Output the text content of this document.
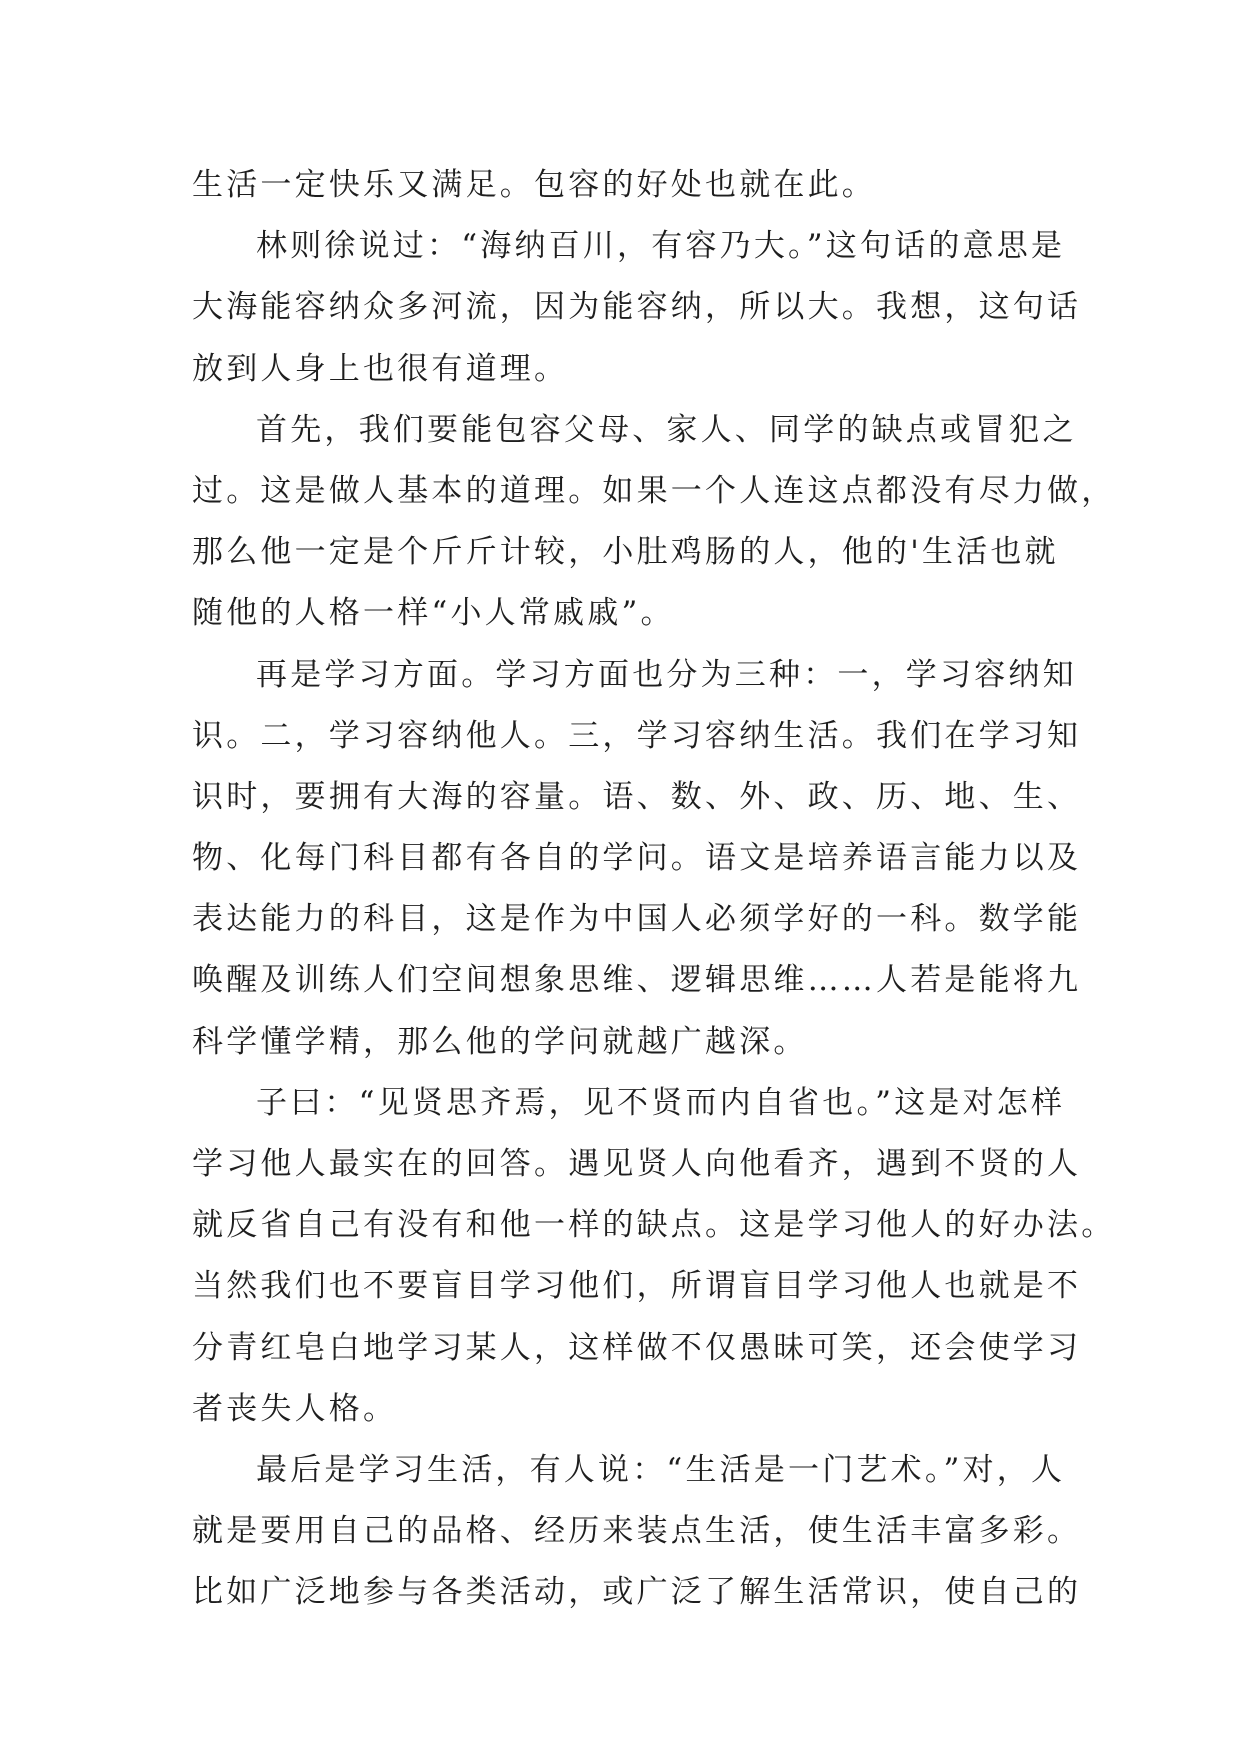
生活一定快乐又满足。包容的好处也就在此。
林则徐说过：“海纳百川，有容乃大。”这句话的意思是
大海能容纳众多河流，因为能容纳，所以大。我想，这句话
放到人身上也很有道理。
首先，我们要能包容父母、家人、同学的缺点或冒犯之
过。这是做人基本的道理。如果一个人连这点都没有尽力做，
那么他一定是个斤斤计较，小肚鸡肠的人，他的'生活也就
随他的人格一样“小人常戚戚”。
再是学习方面。学习方面也分为三种：一，学习容纳知
识。二，学习容纳他人。三，学习容纳生活。我们在学习知
识时，要拥有大海的容量。语、数、外、政、历、地、生、
物、化每门科目都有各自的学问。语文是培养语言能力以及
表达能力的科目，这是作为中国人必须学好的一科。数学能
唤醒及训练人们空间想象思维、逻辑思维……人若是能将九
科学懂学精，那么他的学问就越广越深。
子曰：“见贤思齐焉，见不贤而内自省也。”这是对怎样
学习他人最实在的回答。遇见贤人向他看齐，遇到不贤的人
就反省自己有没有和他一样的缺点。这是学习他人的好办法。
当然我们也不要盲目学习他们，所谓盲目学习他人也就是不
分青红皂白地学习某人，这样做不仅愚昧可笑，还会使学习
者丧失人格。
最后是学习生活，有人说：“生活是一门艺术。”对，人
就是要用自己的品格、经历来装点生活，使生活丰富多彩。
比如广泛地参与各类活动，或广泛了解生活常识，使自己的
